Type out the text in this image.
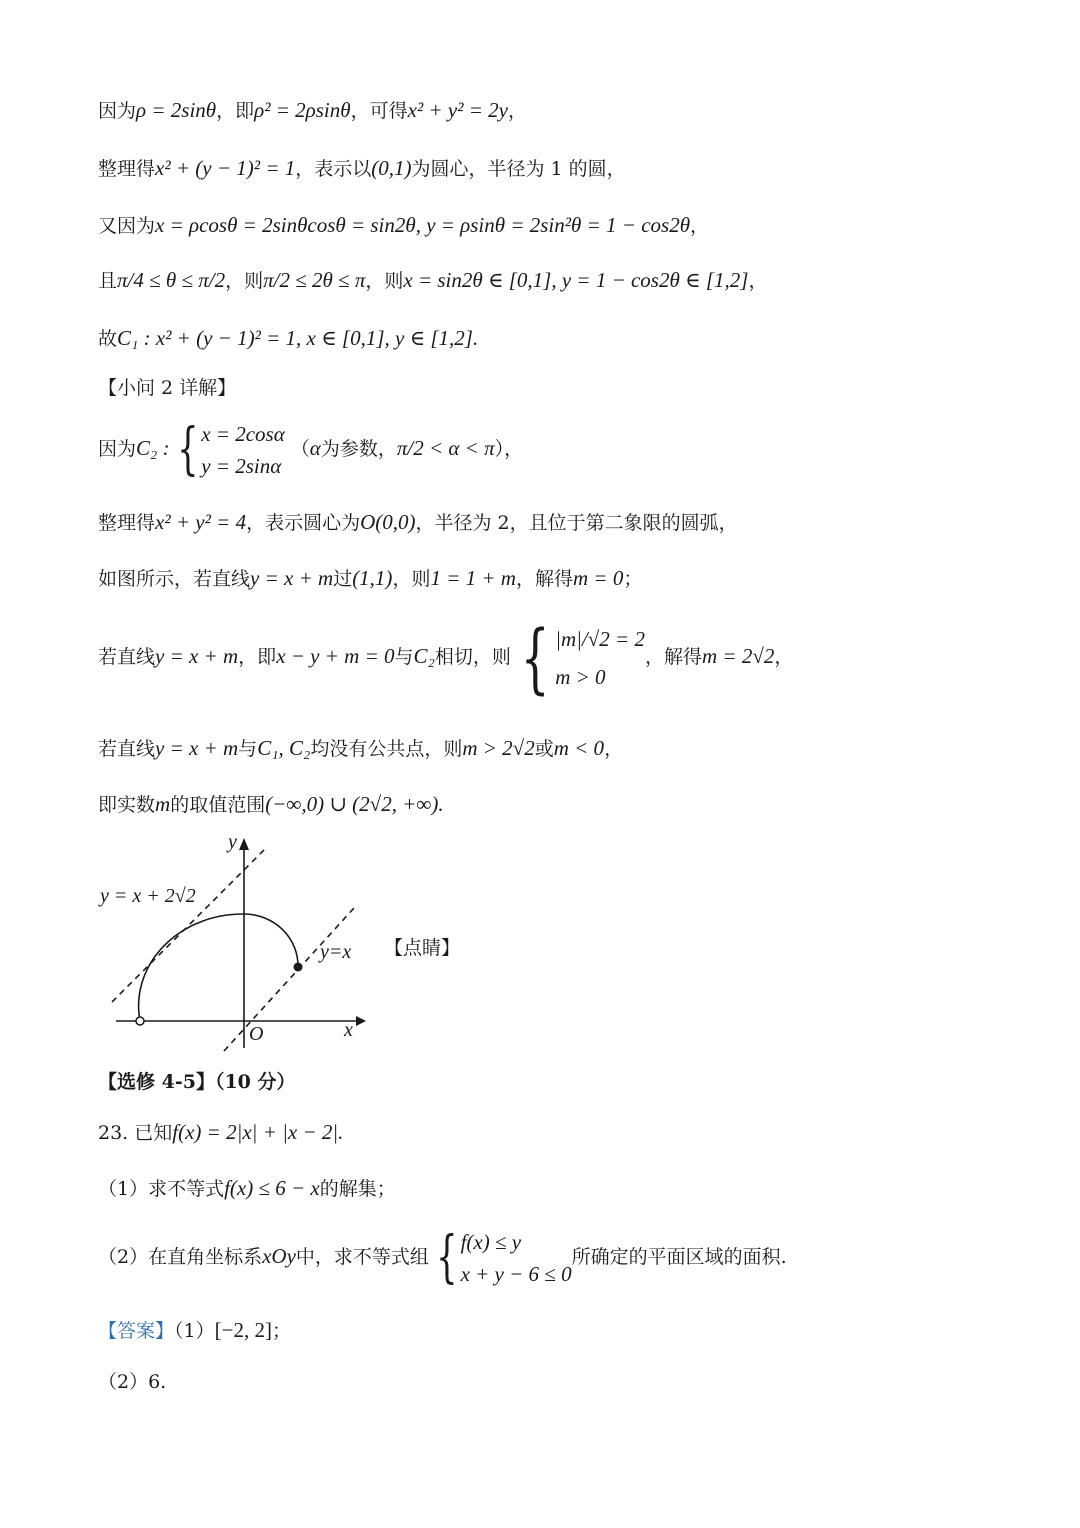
因为ρ = 2sinθ，即ρ² = 2ρsinθ，可得x² + y² = 2y，
整理得x² + (y − 1)² = 1，表示以(0,1)为圆心，半径为 1 的圆，
又因为x = ρcosθ = 2sinθcosθ = sin2θ, y = ρsinθ = 2sin²θ = 1 − cos2θ，
且π/4 ≤ θ ≤ π/2，则π/2 ≤ 2θ ≤ π，则x = sin2θ ∈ [0,1], y = 1 − cos2θ ∈ [1,2]，
故C₁ : x² + (y − 1)² = 1, x ∈ [0,1], y ∈ [1,2].
【小问 2 详解】
因为C₂ : { x = 2cosα
y = 2sinα
（α为参数，π/2 < α < π），
整理得x² + y² = 4，表示圆心为O(0,0)，半径为 2，且位于第二象限的圆弧，
如图所示，若直线y = x + m过(1,1)，则1 = 1 + m，解得m = 0；
若直线y = x + m，即x − y + m = 0与C₂相切，则 { |m|/√2 = 2
m > 0
，解得m = 2√2，
若直线y = x + m与C₁, C₂均没有公共点，则m > 2√2或m < 0，
即实数m的取值范围(−∞,0) ∪ (2√2, +∞).
y
x
O
y = x + 2√2
y=x 【点睛】
【选修 4-5】（10 分）
23. 已知f(x) = 2|x| + |x − 2|.
（1）求不等式f(x) ≤ 6 − x的解集；
（2）在直角坐标系xOy中，求不等式组 { f(x) ≤ y
x + y − 6 ≤ 0
所确定的平面区域的面积.
【答案】（1）[−2, 2]；
（2）6.
